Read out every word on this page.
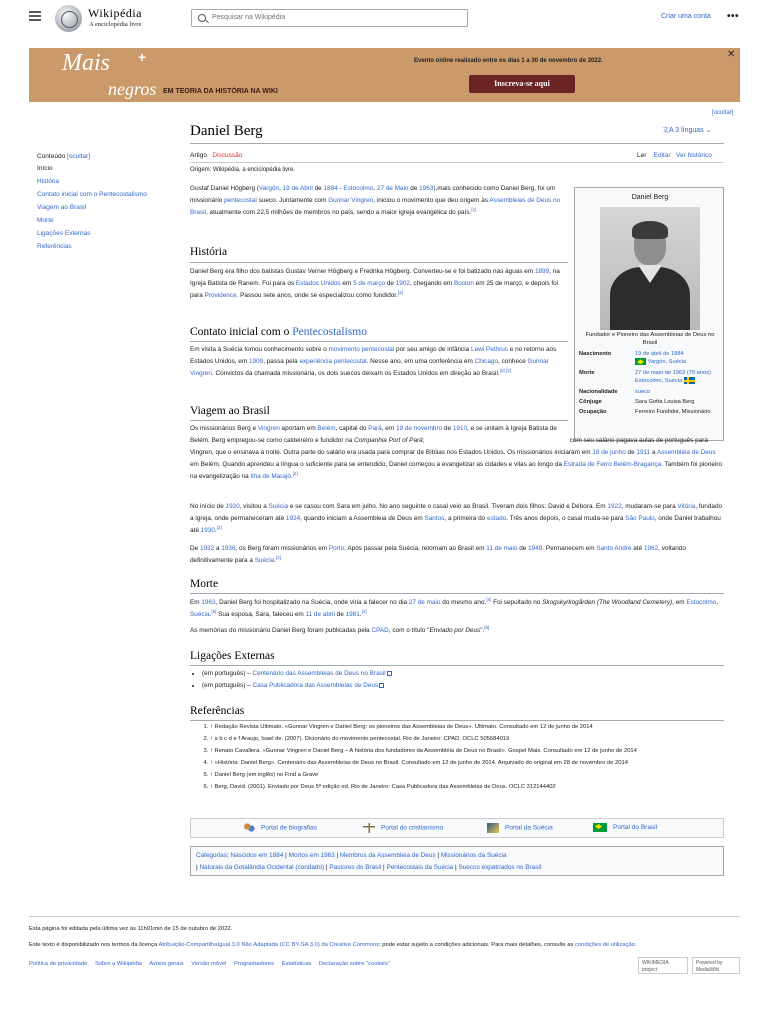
Wikipédia
A enciclopédia livre
Pesquisar na Wikipédia	Criar uma conta •••
Mais +
negros EM TEORIA DA HISTÓRIA NA WIKI
Evento online realizado entre os dias 1 a 30 de novembro de 2022.
Inscreva-se aqui
✕
[ocultar]
Conteúdo [ocultar]
Início
História
Contato inicial com o Pentecostalismo
Viagem ao Brasil
Morte
Ligações Externas
Referências
Daniel Berg	文A 3 línguas ⌄
Artigo Discussão	Ler Editar Ver histórico
Origem: Wikipédia, a enciclopédia livre.

Gustaf Daniel Högberg (Vargön, 19 de Abril de 1884 - Estocolmo, 27 de Maio de 1963),mais conhecido como Daniel Berg, foi um missionário pentecostal sueco. Juntamente com Gunnar Vingren, iniciou o movimento que deu origem às Assembleias de Deus no Brasil, atualmente com 22,5 milhões de membros no país, sendo a maior igreja evangélica do país.[1]

Daniel Berg
Fundador e Pioneiro das Assembleias de Deus no Brasil
Nascimento	19 de abril de 1884
Vargön, Suécia
Morte	27 de maio de 1963 (79 anos)
Estocolmo, Suécia
Nacionalidade	sueco
Cônjuge	Sara Gotta Louisa Berg
Ocupação	Ferreiro Fundidor, Missionário
História

Daniel Berg era filho dos batistas Gustav Verner Högberg e Fredrika Högberg. Converteu-se e foi batizado nas águas em 1899, na Igreja Batista de Ranem. Foi para os Estados Unidos em 5 de março de 1902, chegando em Boston em 25 de março, e depois foi para Providence. Passou sete anos, onde se especializou como fundidor.[2]

Contato inicial com o Pentecostalismo

Em visita à Suécia tomou conhecimento sobre o movimento pentecostal por seu amigo de infância Lewi Pethrus e no retorno aos Estados Unidos, em 1909, passa pela experiência pentecostal. Nesse ano, em uma conferência em Chicago, conhece Gunnar Vingren. Convictos da chamada missionária, os dois suecos deixam os Estados Unidos em direção ao Brasil.[2] [3]

Viagem ao Brasil

Os missionários Berg e Vingren aportam em Belém, capital do Pará, em 19 de novembro de 1910, e se unitam à Igreja Batista de Belém. Berg empregou-se como caldeireiro e fundidor na Companhia Port of Pará;	com seu salário pagava aulas de português para Vingren, que o ensinava à noite. Outra parte do salário era usada para comprar de Bíblias nos Estados Unidos. Os missionários iniciaram em 18 de junho de 1911 a Assembléia de Deus em Belém. Quando aprendeu a língua o suficiente para se entendido, Daniel começou a evangelizar as cidades e vilas ao longo da Estrada de Ferro Belém-Bragança. Também foi pioneiro na evangelização na Ilha de Marajó.[2]

No início de 1920, visitou a Suécia e se casou com Sara em julho. No ano seguinte o casal veio ao Brasil. Tiveram dois filhos: David e Débora. Em 1922, mudaram-se para Vitória, fundado a igreja, onde permaneceram até 1924, quando iniciam a Assembleia de Deus em Santos, a primeira do estado. Três anos depois, o casal muda-se para São Paulo, onde Daniel trabalhou até 1930.[2]

De 1932 a 1936, os Berg foram missionários em Porto. Após passar pela Suécia, retornam ao Brasil em 11 de maio de 1949. Permanecem em Santo André até 1962, voltando definitivamente para a Suécia.[2]

Morte

Em 1963, Daniel Berg foi hospitalizado na Suécia, onde viria a falecer no dia 27 de maio do mesmo ano.[4] Foi sepultado no Skogskyrkogården (The Woodland Cemetery), em Estocolmo, Suécia.[5] Sua esposa, Sara, faleceu em 11 de abril de 1981.[2]

As memórias do missionário Daniel Berg foram publicadas pela CPAD, com o título "Enviado por Deus".[6]

Ligações Externas
• (em português) – Centenário das Assembleias de Deus no Brasil
• (em português) – Casa Publicadora das Assembleias de Deus
Referências
1. ↑ Redação Revista Ultimato. «Gunnar Vingren e Daniel Berg: os pioneiros das Assembleias de Deus». Ultimato. Consultado em 12 de junho de 2014
2. ↑ a b c d e f Araujo, Isael de. (2007). Dicionário do movimento pentecostal. Rio de Janeiro: CPAD. OCLC 505684019
3. ↑ Renato Cavallera. «Gunnar Vingren e Daniel Berg – A história dos fundadores da Assembléia de Deus no Brasil». Gospel Mais. Consultado em 12 de junho de 2014
4. ↑ «História: Daniel Berg». Centenário das Assembleias de Deus no Brasil. Consultado em 12 de junho de 2014. Arquivado do original em 28 de novembro de 2014
5. ↑ Daniel Berg (em inglês) no Find a Grave
6. ↑ Berg, David. (2001). Enviado por Deus 5ª edição ed. Rio de Janeiro: Casa Publicadora das Assembleias de Deus. OCLC 312144402
Portal de biografias	Portal do cristianismo	Portal da Suécia	Portal do Brasil
Categorias: Nascidos em 1884 | Mortos em 1963 | Membros da Assembleia de Deus | Missionários da Suécia
| Naturais da Gotalândia Ocidental (condado) | Pastores do Brasil | Pentecostais da Suécia | Suecos expatriados no Brasil
Esta página foi editada pela última vez às 11h01min de 15 de outubro de 2022.
Este texto é disponibilizado nos termos da licença Atribuição-CompartilhaIgual 3.0 Não Adaptada (CC BY-SA 3.0) da Creative Commons; pode estar sujeito a condições adicionais. Para mais detalhes, consulte as condições de utilização.
Política de privacidade Sobre a Wikipédia Avisos gerais Versão móvel Programadores Estatísticas Declaração sobre ''cookies''	WIKIMEDIA project
Powered by MediaWiki
